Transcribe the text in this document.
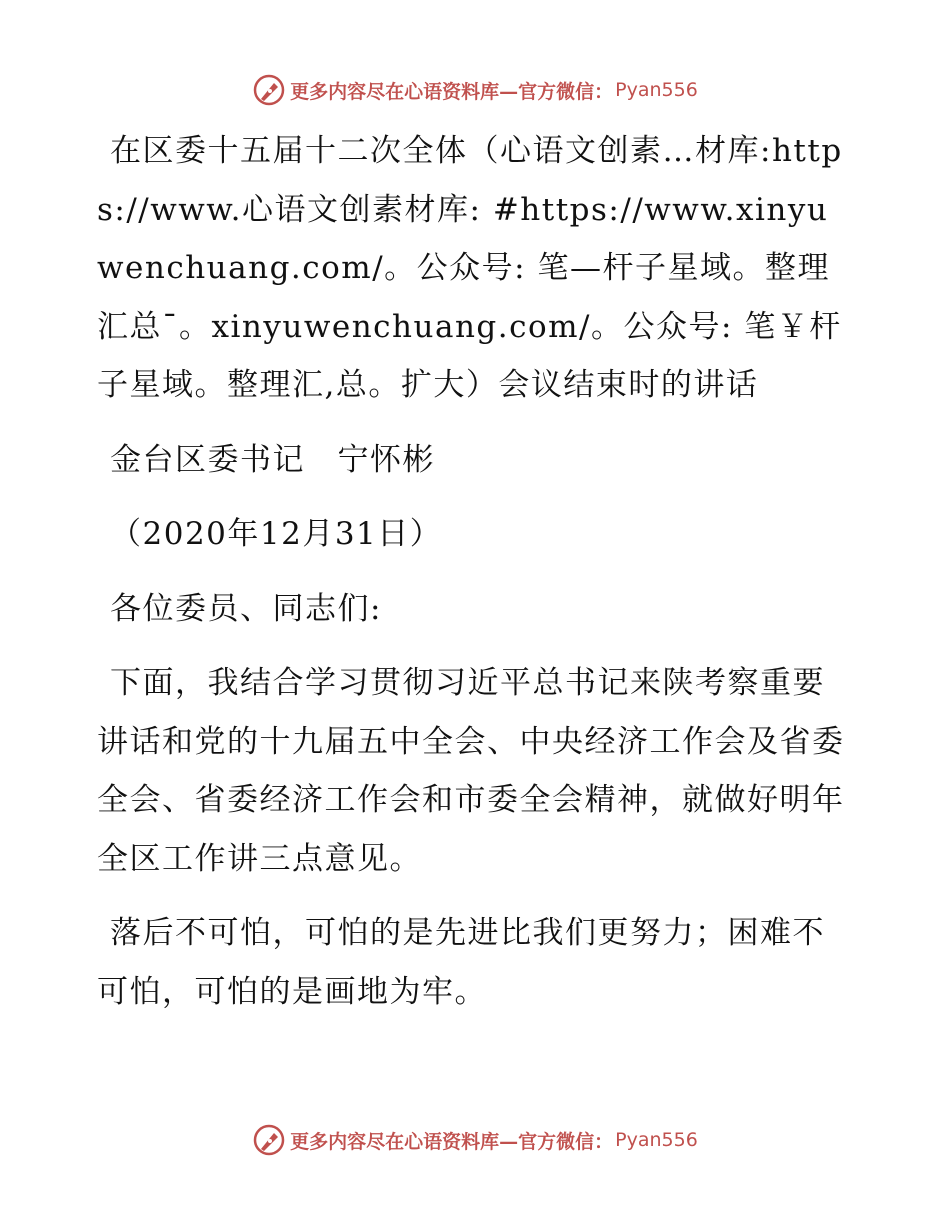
更多内容尽在心语资料库—官方微信： Pyan556

在区委十五届十二次全体（心语文创素…材库:https://www.心语文创素材库: #https://www.xinyuwenchuang.com/。公众号: 笔—杆子星域。整理汇总¯。xinyuwenchuang.com/。公众号: 笔￥杆子星域。整理汇,总。扩大）会议结束时的讲话

金台区委书记　宁怀彬

（2020年12月31日）

各位委员、同志们:

下面，我结合学习贯彻习近平总书记来陕考察重要讲话和党的十九届五中全会、中央经济工作会及省委全会、省委经济工作会和市委全会精神，就做好明年全区工作讲三点意见。

落后不可怕，可怕的是先进比我们更努力；困难不可怕，可怕的是画地为牢。

更多内容尽在心语资料库—官方微信： Pyan556
